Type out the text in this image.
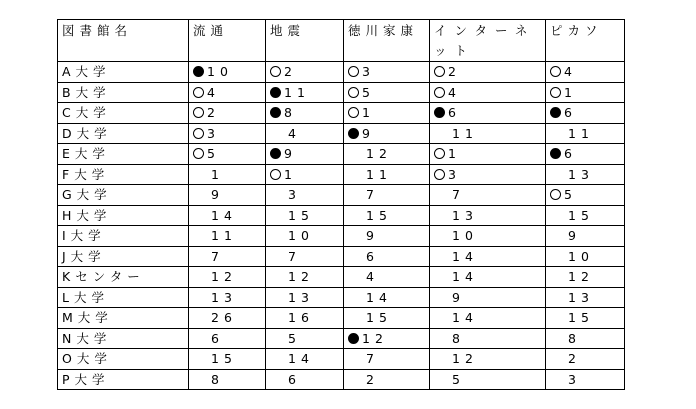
図書館名	流通	地震	徳川家康	インターネット	ピカソ
A大学	10	2	3	2	4
B大学	4	11	5	4	1
C大学	2	8	1	6	6
D大学	3	4	9	11	11
E大学	5	9	12	1	6
F大学	1	1	11	3	13
G大学	9	3	7	7	5
H大学	14	15	15	13	15
I大学	11	10	9	10	9
J大学	7	7	6	14	10
Kセンター	12	12	4	14	12
L大学	13	13	14	9	13
M大学	26	16	15	14	15
N大学	6	5	12	8	8
O大学	15	14	7	12	2
P大学	8	6	2	5	3
